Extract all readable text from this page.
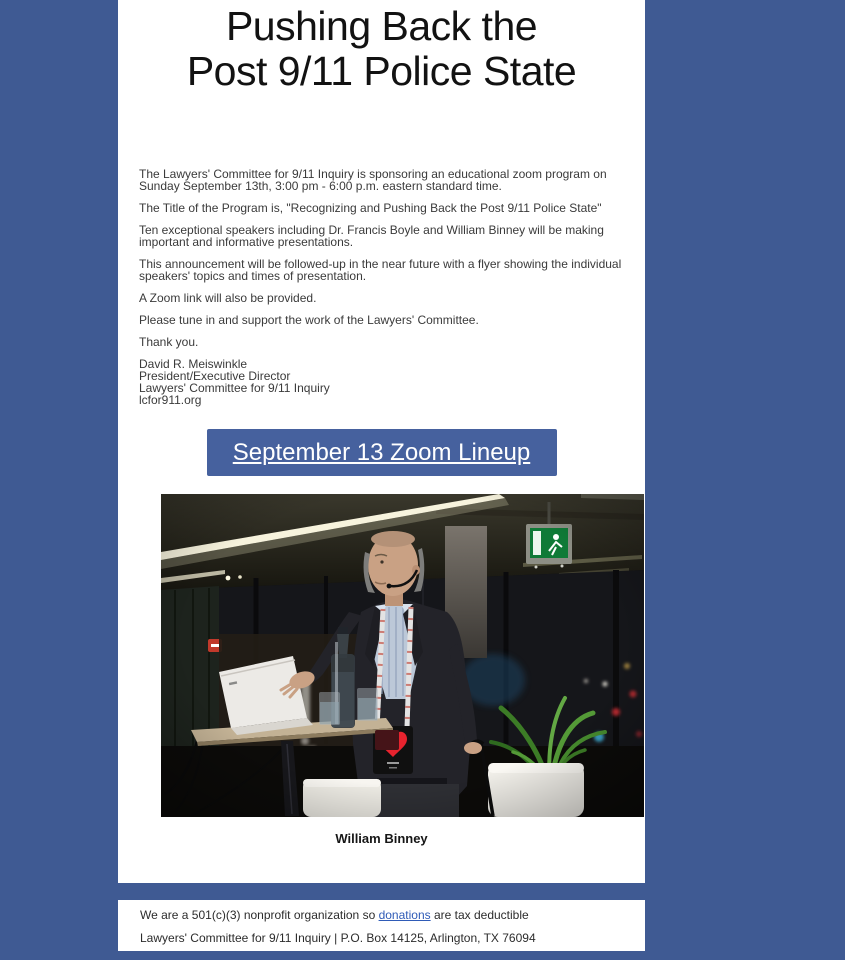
Pushing Back the
Post 9/11 Police State

The Lawyers' Committee for 9/11 Inquiry is sponsoring an educational zoom program on Sunday September 13th, 3:00 pm - 6:00 p.m. eastern standard time.

The Title of the Program is, "Recognizing and Pushing Back the Post 9/11 Police State"

Ten exceptional speakers including Dr. Francis Boyle and William Binney will be making important and informative presentations.

This announcement will be followed-up in the near future with a flyer showing the individual speakers' topics and times of presentation.

A Zoom link will also be provided.

Please tune in and support the work of the Lawyers' Committee.

Thank you.

David R. Meiswinkle
President/Executive Director
Lawyers' Committee for 9/11 Inquiry
lcfor911.org
September 13 Zoom Lineup
William Binney
We are a 501(c)(3) nonprofit organization so donations are tax deductible
Lawyers' Committee for 9/11 Inquiry | P.O. Box 14125, Arlington, TX 76094
